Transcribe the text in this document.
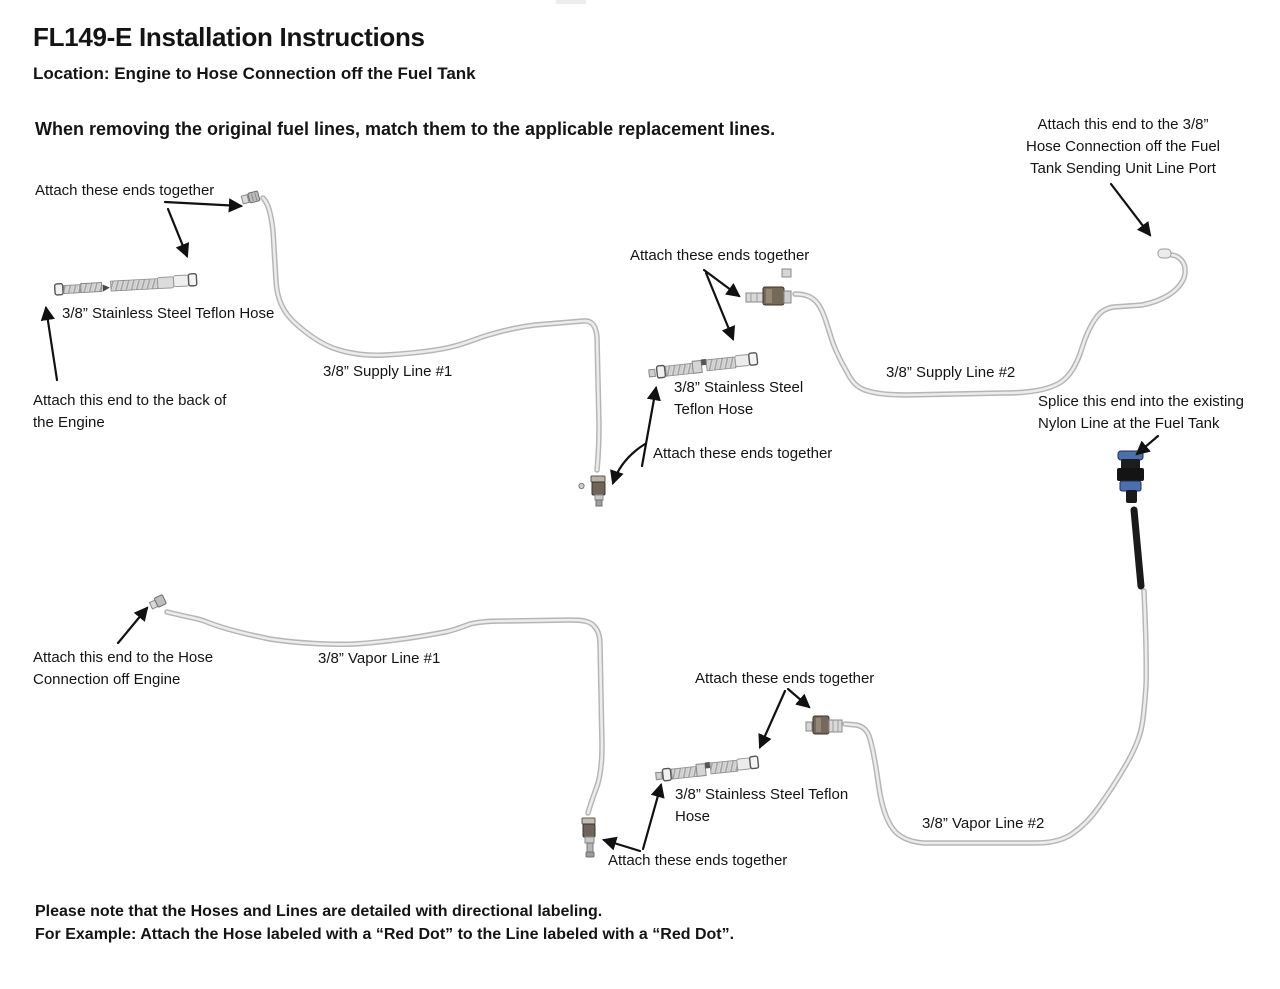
FL149-E Installation Instructions
Location: Engine to Hose Connection off the Fuel Tank
When removing the original fuel lines, match them to the applicable replacement lines.
Attach these ends together
3/8” Stainless Steel Teflon Hose
Attach this end to the back of
the Engine
3/8” Supply Line #1
Attach these ends together
3/8” Stainless Steel
Teflon Hose
Attach these ends together
3/8” Supply Line #2
Attach this end to the 3/8”
Hose Connection off the Fuel
Tank Sending Unit Line Port
Splice this end into the existing
Nylon Line at the Fuel Tank
Attach this end to the Hose
Connection off Engine
3/8” Vapor Line #1
Attach these ends together
3/8” Stainless Steel Teflon
Hose	3/8” Vapor Line #2
Attach these ends together
Please note that the Hoses and Lines are detailed with directional labeling.
For Example: Attach the Hose labeled with a “Red Dot” to the Line labeled with a “Red Dot”.
